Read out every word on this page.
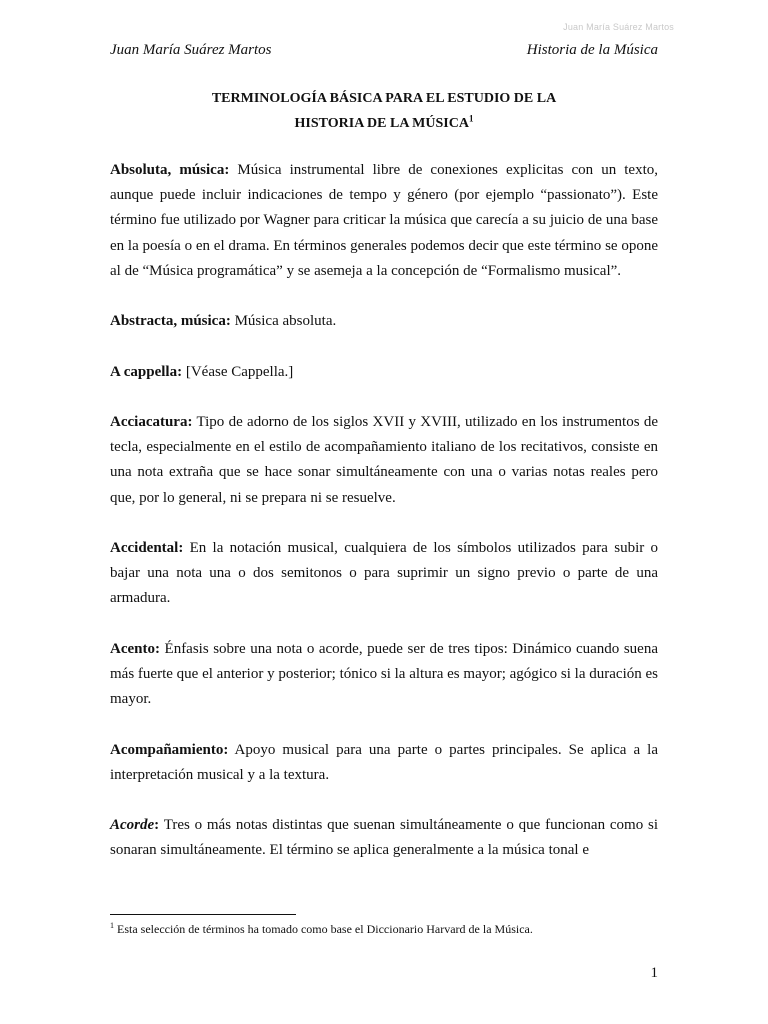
Juan María Suárez Martos
Juan María Suárez Martos	Historia de la Música
TERMINOLOGÍA BÁSICA PARA EL ESTUDIO DE LA
HISTORIA DE LA MÚSICA$^1$

Absoluta, música: Música instrumental libre de conexiones explicitas con un texto, aunque puede incluir indicaciones de tempo y género (por ejemplo “passionato”). Este término fue utilizado por Wagner para criticar la música que carecía a su juicio de una base en la poesía o en el drama. En términos generales podemos decir que este término se opone al de “Música programática” y se asemeja a la concepción de “Formalismo musical”.

Abstracta, música: Música absoluta.

A cappella: [Véase Cappella.]

Acciacatura: Tipo de adorno de los siglos XVII y XVIII, utilizado en los instrumentos de tecla, especialmente en el estilo de acompañamiento italiano de los recitativos, consiste en una nota extraña que se hace sonar simultáneamente con una o varias notas reales pero que, por lo general, ni se prepara ni se resuelve.

Accidental: En la notación musical, cualquiera de los símbolos utilizados para subir o bajar una nota una o dos semitonos o para suprimir un signo previo o parte de una armadura.

Acento: Énfasis sobre una nota o acorde, puede ser de tres tipos: Dinámico cuando suena más fuerte que el anterior y posterior; tónico si la altura es mayor; agógico si la duración es mayor.

Acompañamiento: Apoyo musical para una parte o partes principales. Se aplica a la interpretación musical y a la textura.

Acorde: Tres o más notas distintas que suenan simultáneamente o que funcionan como si sonaran simultáneamente. El término se aplica generalmente a la música tonal e

$^1$ Esta selección de términos ha tomado como base el Diccionario Harvard de la Música.
1
